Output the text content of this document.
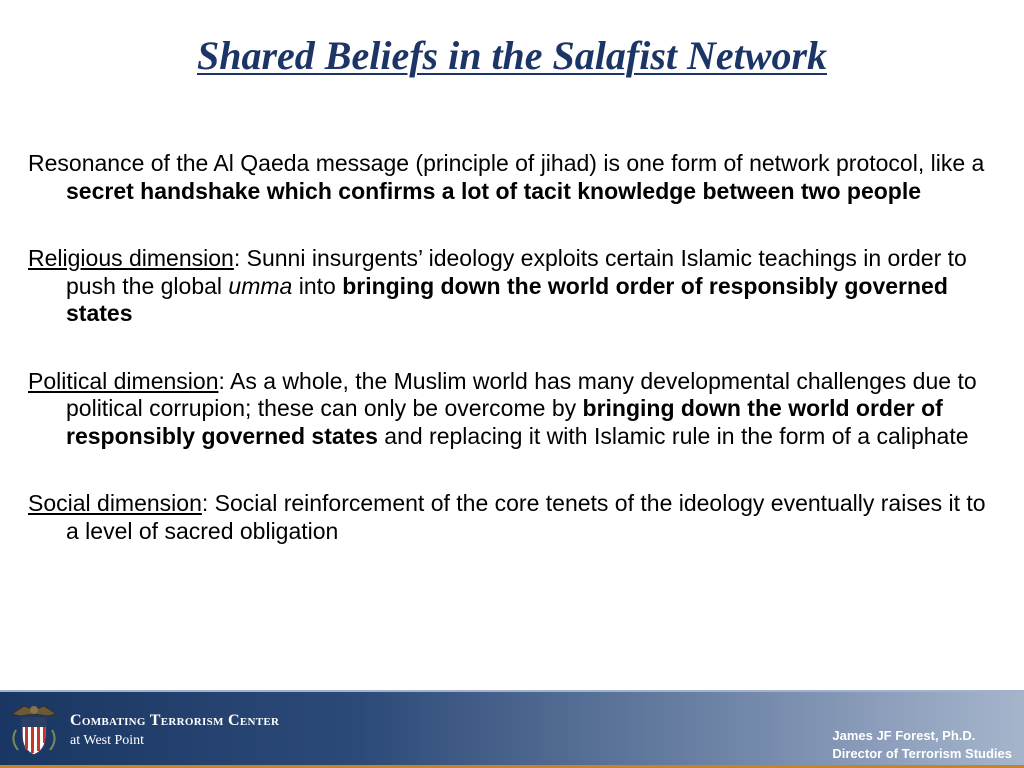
Shared Beliefs in the Salafist Network

Resonance of the Al Qaeda message (principle of jihad) is one form of network protocol, like a secret handshake which confirms a lot of tacit knowledge between two people

Religious dimension: Sunni insurgents’ ideology exploits certain Islamic teachings in order to push the global umma into bringing down the world order of responsibly governed states

Political dimension: As a whole, the Muslim world has many developmental challenges due to political corrupion; these can only be overcome by bringing down the world order of responsibly governed states and replacing it with Islamic rule in the form of a caliphate

Social dimension: Social reinforcement of the core tenets of the ideology eventually raises it to a level of sacred obligation

Combating Terrorism Center
at West Point	James JF Forest, Ph.D.
Director of Terrorism Studies
